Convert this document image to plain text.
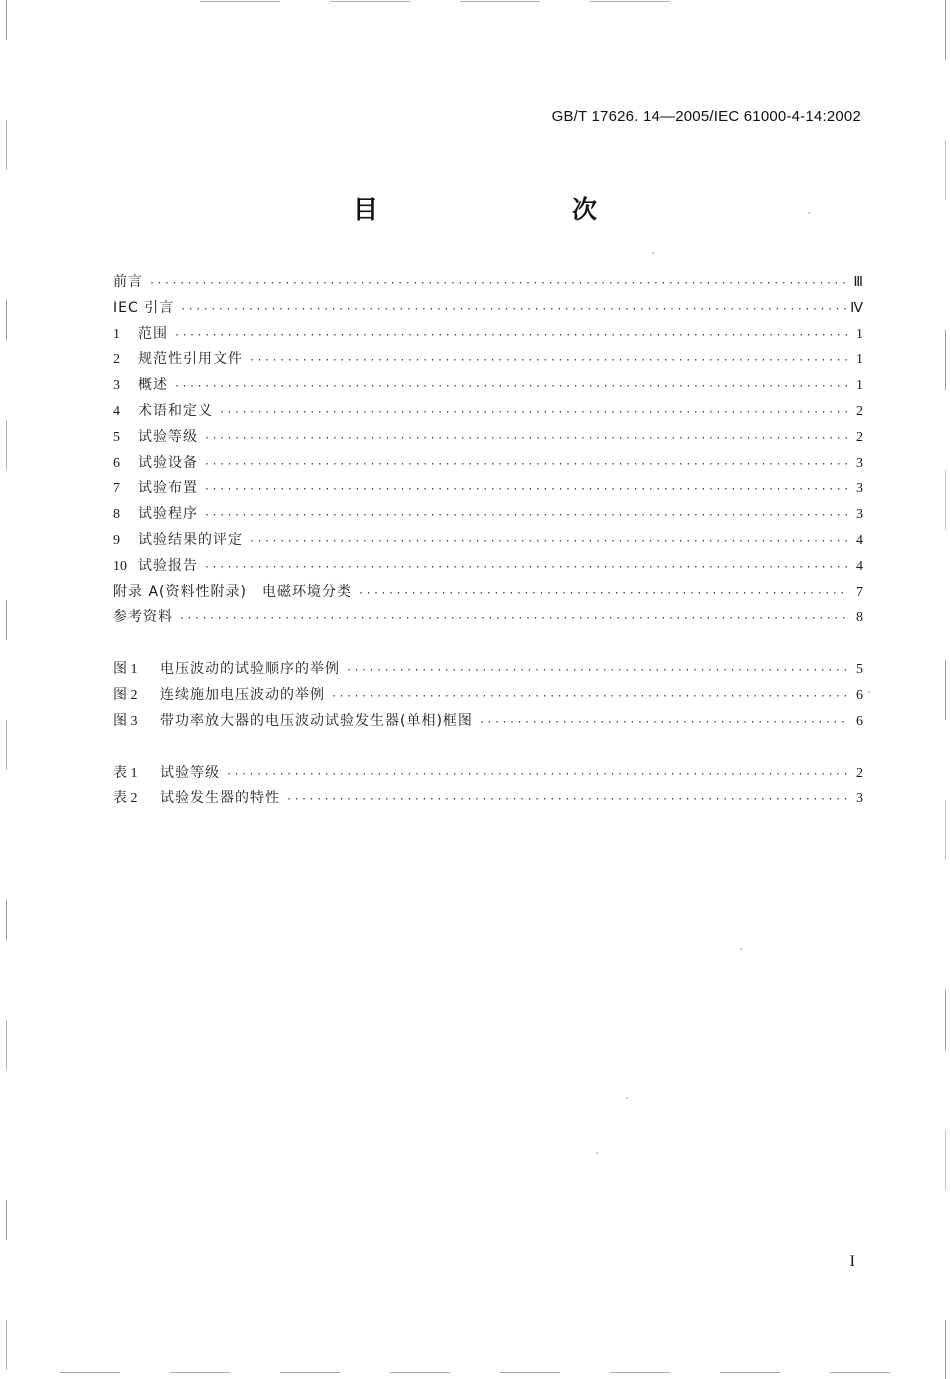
GB/T 17626. 14—2005/IEC 61000-4-14:2002
目　　次
前言 ·····	Ⅲ
IEC 引言 ·····	Ⅳ
1	范围 ·····	1
2	规范性引用文件 ·····	1
3	概述 ·····	1
4	术语和定义 ·····	2
5	试验等级 ·····	2
6	试验设备 ·····	3
7	试验布置 ·····	3
8	试验程序 ·····	3
9	试验结果的评定 ·····	4
10 试验报告 ·····	4
附录 A(资料性附录)　电磁环境分类 ·····	7
参考资料 ·····	8
图 1	电压波动的试验顺序的举例 ·····	5
图 2	连续施加电压波动的举例 ·····	6
图 3	带功率放大器的电压波动试验发生器(单相)框图 ·····	6
表 1	试验等级 ·····	2
表 2	试验发生器的特性 ·····	3
I
